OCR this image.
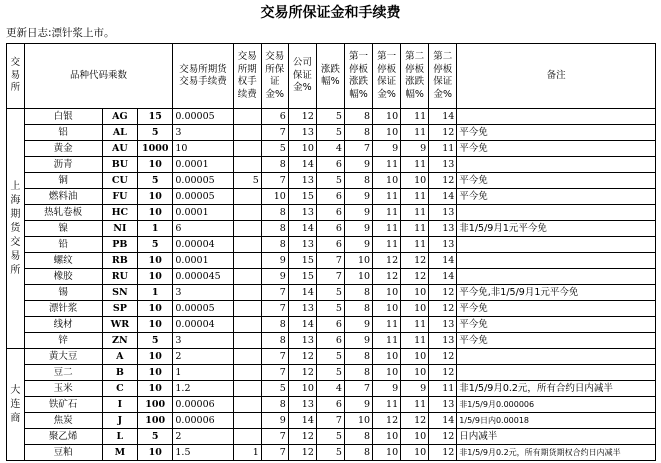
交易所保证金和手续费
更新日志:漂针浆上市。
交易所	品种代码乘数			交易所期货交易手续费	交易所期权手续费	交易所保证金%	公司保证金%	涨跌幅%	第一停板涨跌幅%	第一停板保证金%	第二停板涨跌幅%	第二停板保证金%	备注
上海期货交易所	白银	AG	15	0.00005		6	12	5	8	10	11	14	
	铝	AL	5	3		7	13	5	8	10	11	12	平今免
	黄金	AU	1000	10		5	10	4	7	9	9	11	平今免
	沥青	BU	10	0.0001		8	14	6	9	11	11	13	
	铜	CU	5	0.00005	5	7	13	5	8	10	10	12	平今免
	燃料油	FU	10	0.00005		10	15	6	9	11	11	14	平今免
	热轧卷板	HC	10	0.0001		8	13	6	9	11	11	13	
	镍	NI	1	6		8	14	6	9	11	11	13	非1/5/9月1元平今免
	铅	PB	5	0.00004		8	13	6	9	11	11	13	
	螺纹	RB	10	0.0001		9	15	7	10	12	12	14	
	橡胶	RU	10	0.000045		9	15	7	10	12	12	14	
	锡	SN	1	3		7	14	5	8	10	10	12	平今免,非1/5/9月1元平今免
	漂针浆	SP	10	0.00005		7	13	5	8	10	10	12	平今免
	线材	WR	10	0.00004		8	14	6	9	11	11	13	平今免
	锌	ZN	5	3		8	13	6	9	11	11	13	平今免
大连商	黄大豆	A	10	2		7	12	5	8	10	10	12	
	豆二	B	10	1		7	12	5	8	10	10	12	
	玉米	C	10	1.2		5	10	4	7	9	9	11	非1/5/9月0.2元，所有合约日内减半
	铁矿石	I	100	0.00006		8	13	6	9	11	11	13	非1/5/9月0.000006
	焦炭	J	100	0.00006		9	14	7	10	12	12	14	1/5/9日内0.00018
	聚乙烯	L	5	2		7	12	5	8	10	10	12	日内减半
	豆粕	M	10	1.5	1	7	12	5	8	10	10	12	非1/5/9月0.2元，所有期货期权合约日内减半
